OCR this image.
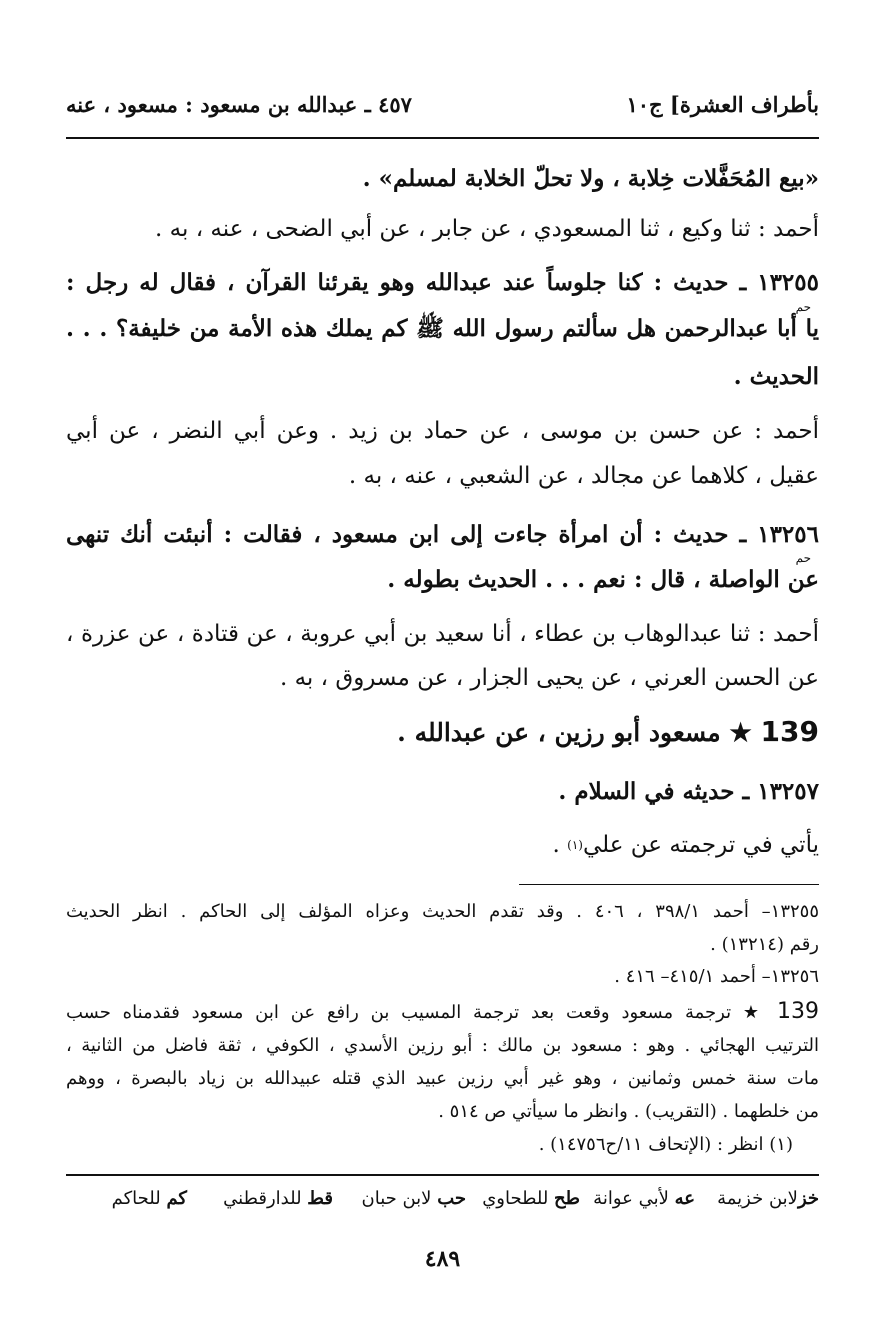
بأطراف العشرة] ج١٠
٤٥٧ ـ عبدالله بن مسعود : مسعود ، عنه
«بيع المُحَفَّلات خِلابة ، ولا تحلّ الخلابة لمسلم» .
أحمد : ثنا وكيع ، ثنا المسعودي ، عن جابر ، عن أبي الضحى ، عنه ، به .
١٣٢٥٥ ـ حديث : كنا جلوساً عند عبدالله وهو يقرئنا القرآن ، فقال له رجل :
حم
يا أبا عبدالرحمن هل سألتم رسول الله ﷺ كم يملك هذه الأمة من خليفة؟ . . .
الحديث .
أحمد : عن حسن بن موسى ، عن حماد بن زيد . وعن أبي النضر ، عن أبي
عقيل ، كلاهما عن مجالد ، عن الشعبي ، عنه ، به .
١٣٢٥٦ ـ حديث : أن امرأة جاءت إلى ابن مسعود ، فقالت : أنبئت أنك تنهى
حم
عن الواصلة ، قال : نعم . . . الحديث بطوله .
أحمد : ثنا عبدالوهاب بن عطاء ، أنا سعيد بن أبي عروبة ، عن قتادة ، عن عزرة ،
عن الحسن العرني ، عن يحيى الجزار ، عن مسروق ، به .
139 ★ مسعود أبو رزين ، عن عبدالله .
١٣٢٥٧ ـ حديثه في السلام .
يأتي في ترجمته عن علي$^{(١)}$ .
١٣٢٥٥– أحمد ٣٩٨/١ ، ٤٠٦ . وقد تقدم الحديث وعزاه المؤلف إلى الحاكم . انظر الحديث
رقم (١٣٢١٤) .
١٣٢٥٦– أحمد ٤١٥/١– ٤١٦ .
139 ★ ترجمة مسعود وقعت بعد ترجمة المسيب بن رافع عن ابن مسعود فقدمناه حسب
الترتيب الهجائي . وهو : مسعود بن مالك : أبو رزين الأسدي ، الكوفي ، ثقة فاضل من الثانية ،
مات سنة خمس وثمانين ، وهو غير أبي رزين عبيد الذي قتله عبيدالله بن زياد بالبصرة ، ووهم
من خلطهما . (التقريب) . وانظر ما سيأتي ص ٥١٤ .
(١) انظر : (الإتحاف ١١/ح١٤٧٥٦) .
خزلابن خزيمة
عه لأبي عوانة
طح للطحاوي
حب لابن حبان
قط للدارقطني
كم للحاكم
٤٨٩
